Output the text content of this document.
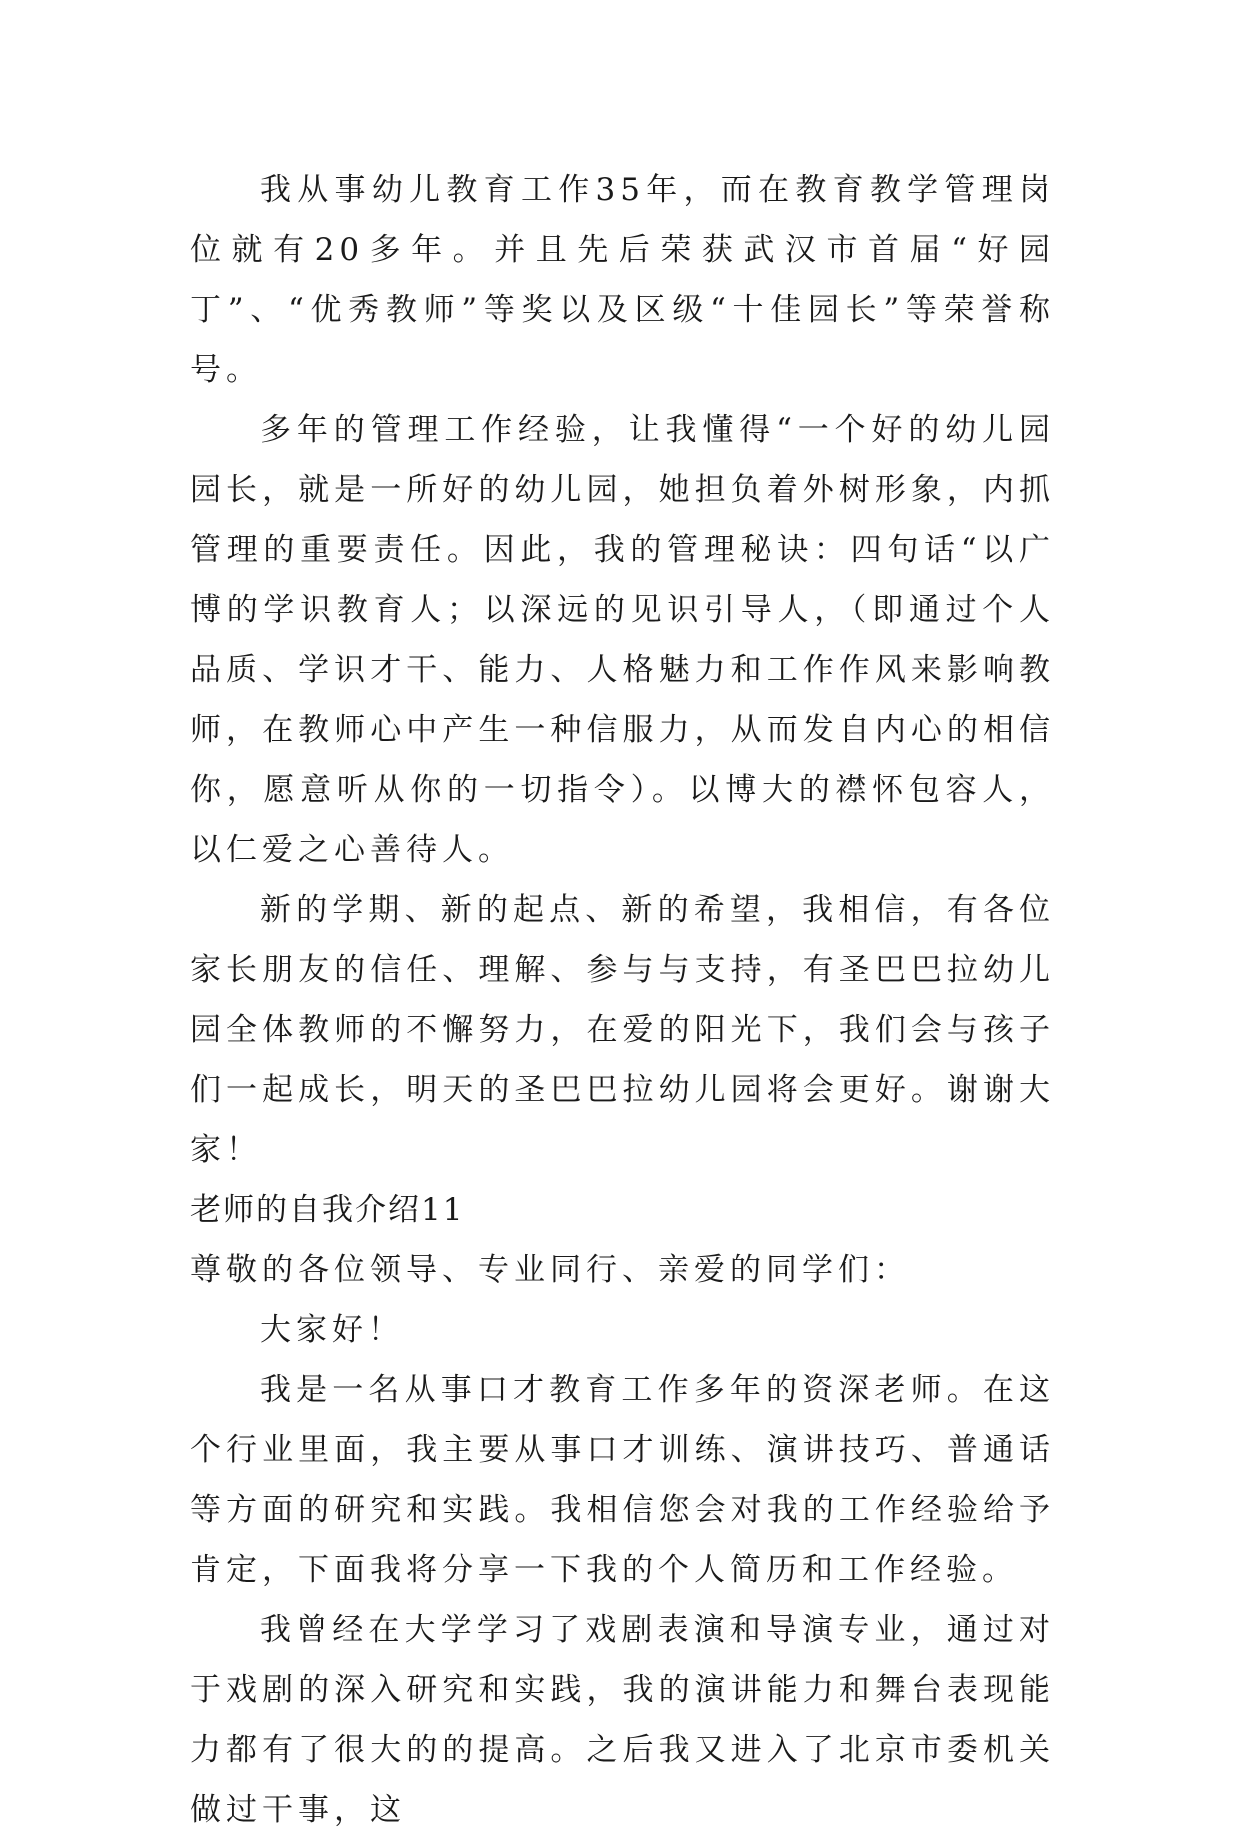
我从事幼儿教育工作35年，而在教育教学管理岗位就有20多年。并且先后荣获武汉市首届“好园丁”、“优秀教师”等奖以及区级“十佳园长”等荣誉称号。

多年的管理工作经验，让我懂得“一个好的幼儿园园长，就是一所好的幼儿园，她担负着外树形象，内抓管理的重要责任。因此，我的管理秘诀：四句话“以广博的学识教育人；以深远的见识引导人，（即通过个人品质、学识才干、能力、人格魅力和工作作风来影响教师，在教师心中产生一种信服力，从而发自内心的相信你，愿意听从你的一切指令）。以博大的襟怀包容人，以仁爱之心善待人。

新的学期、新的起点、新的希望，我相信，有各位家长朋友的信任、理解、参与与支持，有圣巴巴拉幼儿园全体教师的不懈努力，在爱的阳光下，我们会与孩子们一起成长，明天的圣巴巴拉幼儿园将会更好。谢谢大家！

老师的自我介绍11

尊敬的各位领导、专业同行、亲爱的同学们：

大家好！

我是一名从事口才教育工作多年的资深老师。在这个行业里面，我主要从事口才训练、演讲技巧、普通话等方面的研究和实践。我相信您会对我的工作经验给予肯定，下面我将分享一下我的个人简历和工作经验。

我曾经在大学学习了戏剧表演和导演专业，通过对于戏剧的深入研究和实践，我的演讲能力和舞台表现能力都有了很大的的提高。之后我又进入了北京市委机关做过干事，这
